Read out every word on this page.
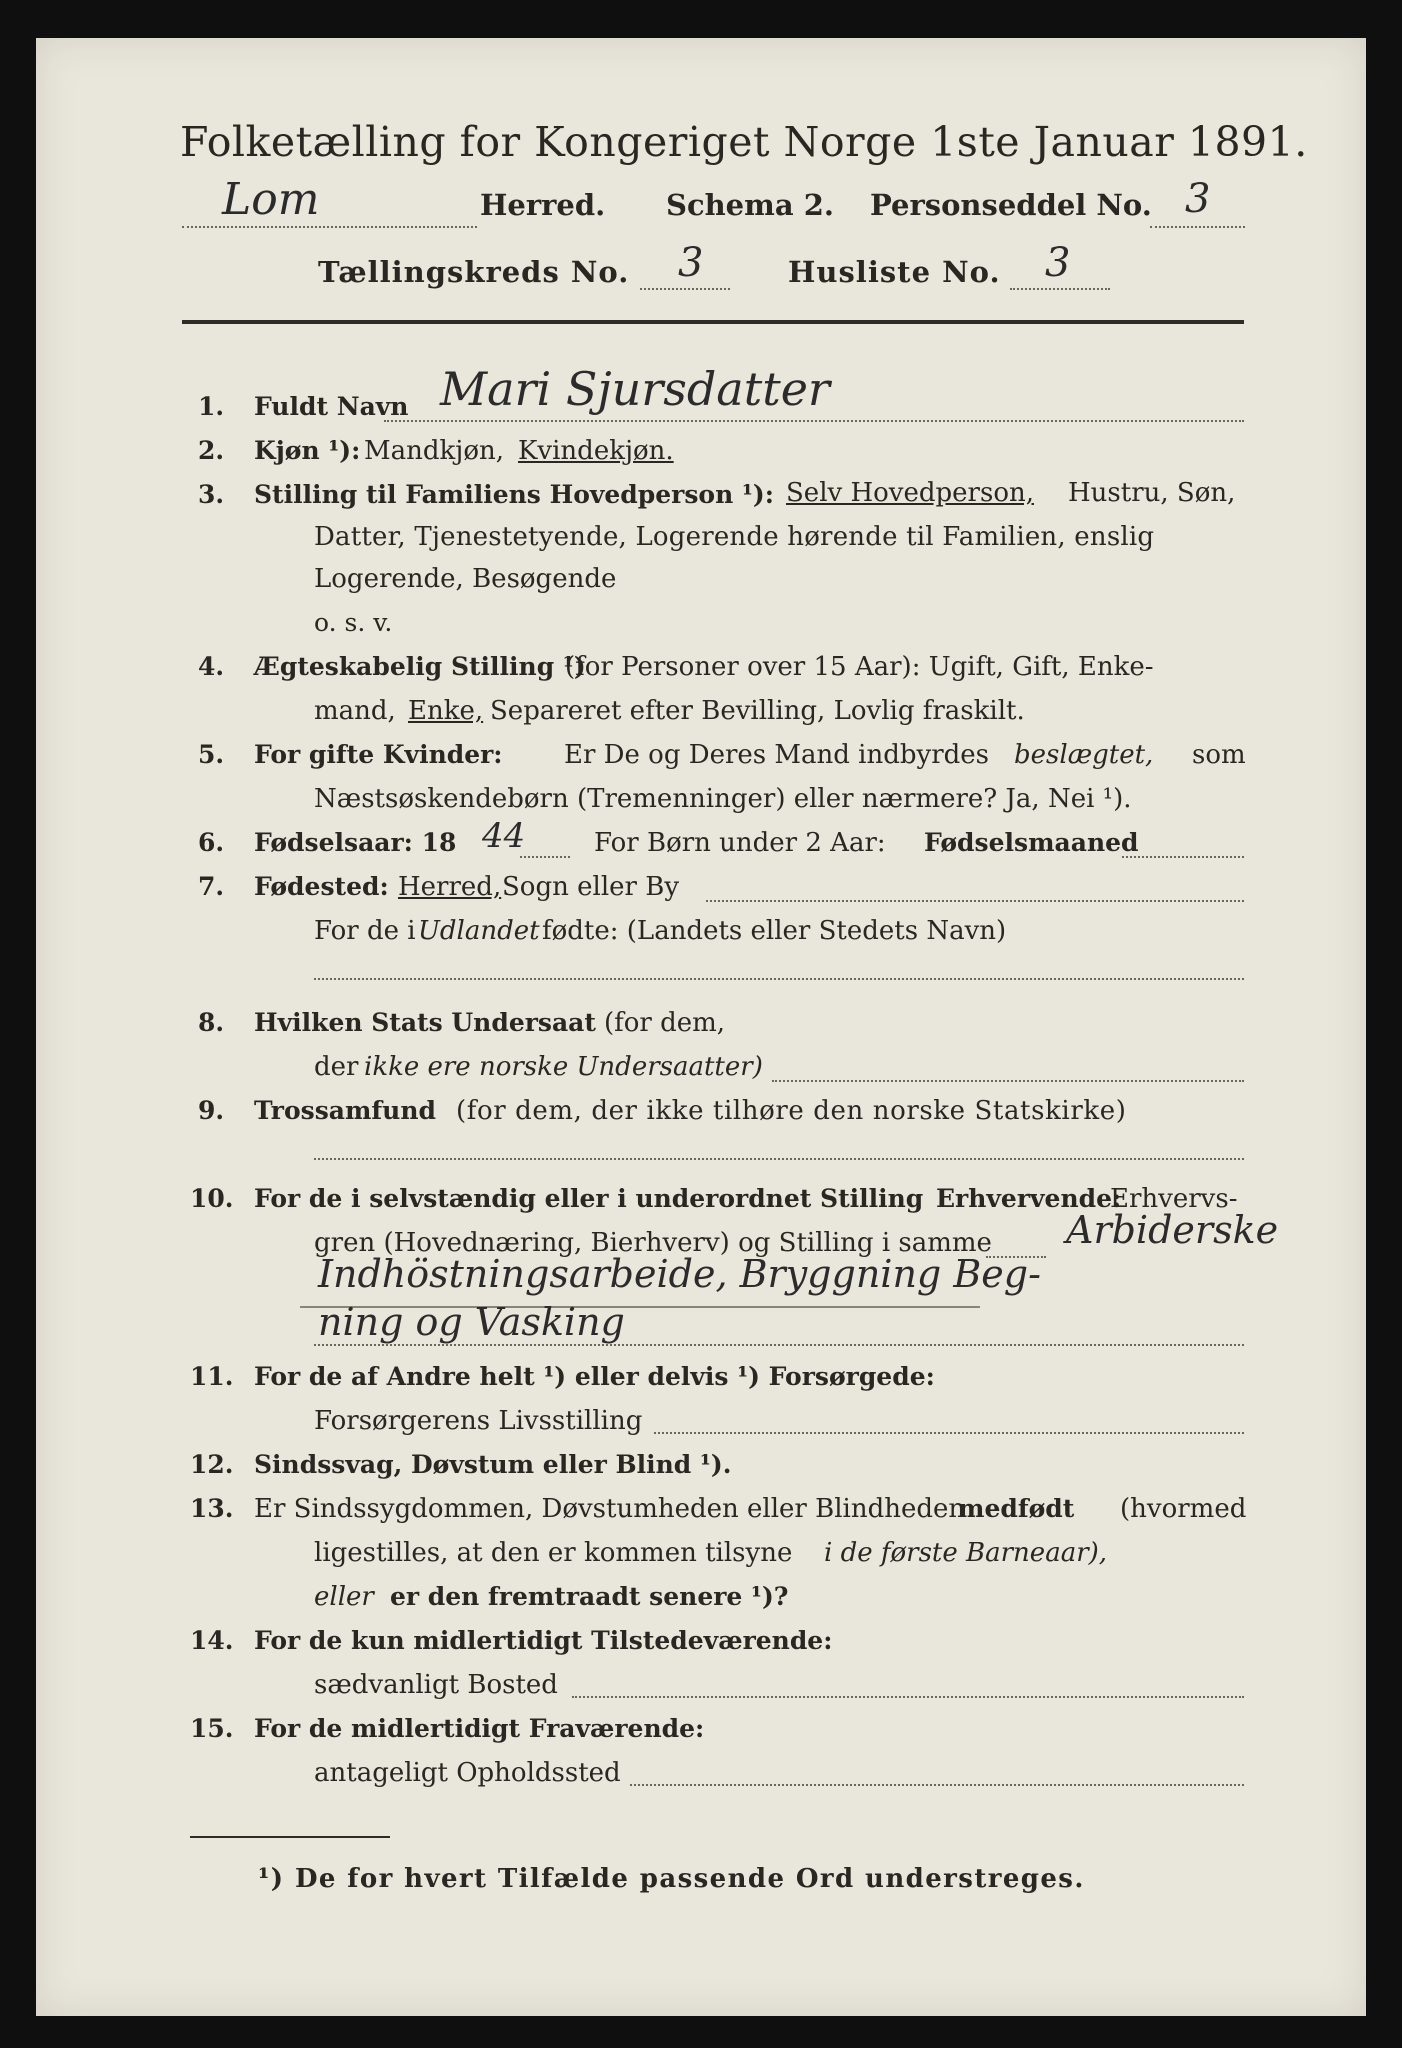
Folketælling for Kongeriget Norge 1ste Januar 1891.
Lom	Herred. Schema 2. Personseddel No. 3
Tællingskreds No. 3	Husliste No. 3
1. Fuldt Navn Mari Sjursdatter
2. Kjøn ¹): Mandkjøn, Kvindekjøn.
3. Stilling til Familiens Hovedperson ¹): Selv Hovedperson, Hustru, Søn,
Datter, Tjenestetyende, Logerende hørende til Familien, enslig
Logerende, Besøgende
o. s. v.
4. Ægteskabelig Stilling ¹)
(for Personer over 15 Aar): Ugift, Gift, Enke-
mand, Enke, Separeret efter Bevilling, Lovlig fraskilt.
5. For gifte Kvinder: Er De og Deres Mand indbyrdes beslægtet, som
Næstsøskendebørn (Tremenninger) eller nærmere? Ja, Nei ¹).
6. Fødselsaar: 18 44	For Børn under 2 Aar: Fødselsmaaned
7. Fødested: Herred, Sogn eller By
For de i Udlandet fødte: (Landets eller Stedets Navn)
8. Hvilken Stats Undersaat (for dem,
der ikke ere norske Undersaatter)
9. Trossamfund (for dem, der ikke tilhøre den norske Statskirke)
10. For de i selvstændig eller i underordnet Stilling Erhvervende:
Erhvervs-
gren (Hovednæring, Bierhverv) og Stilling i samme Arbiderske
Indhöstningsarbeide, Bryggning Beg-
ning og Vasking
11. For de af Andre helt ¹) eller delvis ¹) Forsørgede:
Forsørgerens Livsstilling
12. Sindssvag, Døvstum eller Blind ¹).
13. Er Sindssygdommen, Døvstumheden eller Blindheden
medfødt (hvormed
ligestilles, at den er kommen tilsyne i de første Barneaar),
eller er den fremtraadt senere ¹)?
14. For de kun midlertidigt Tilstedeværende:
sædvanligt Bosted
15. For de midlertidigt Fraværende:
antageligt Opholdssted
¹) De for hvert Tilfælde passende Ord understreges.
